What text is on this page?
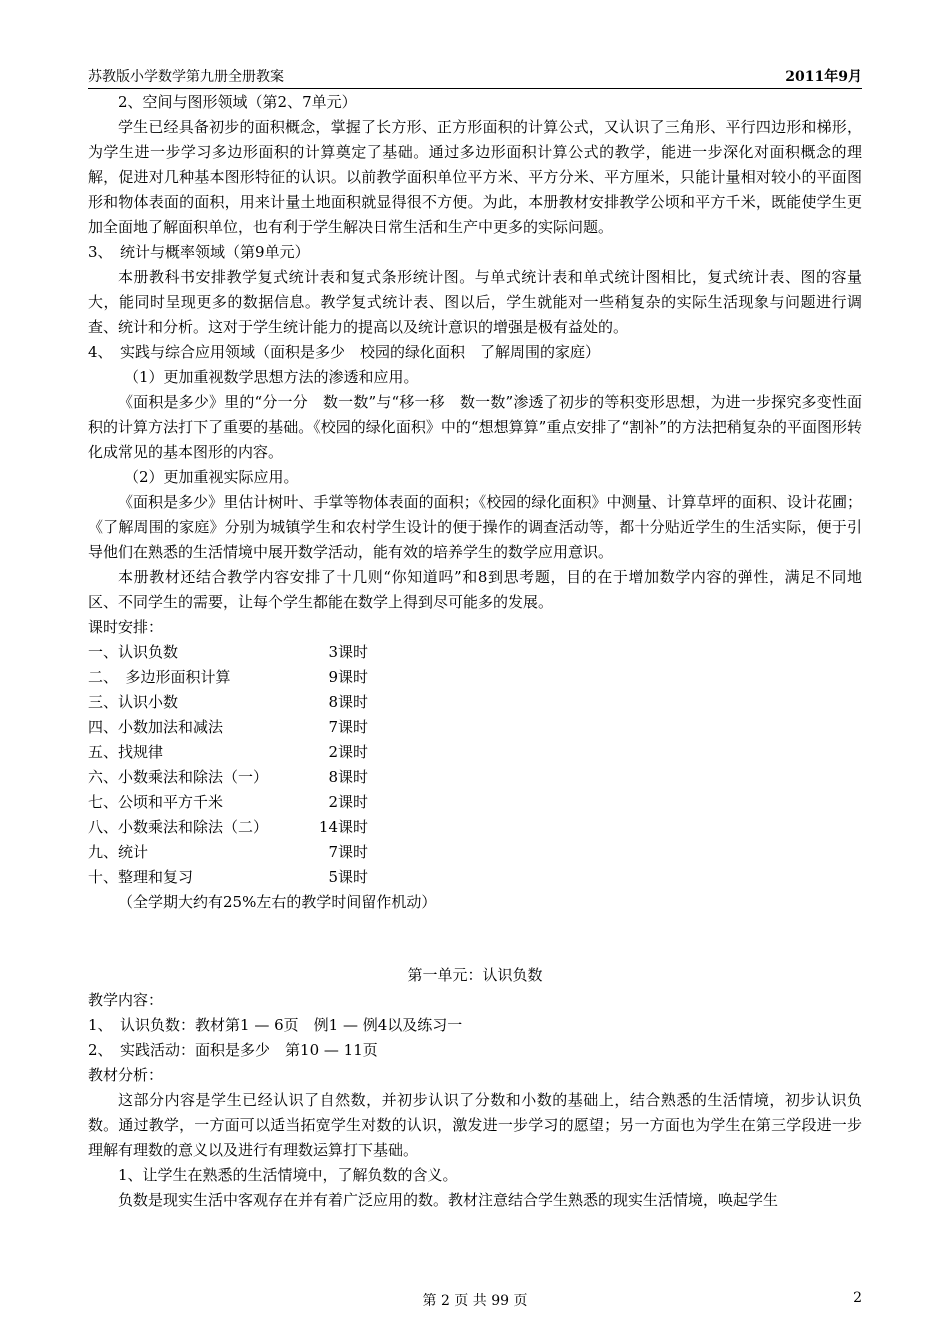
苏教版小学数学第九册全册教案	2011年9月
2、空间与图形领域（第2、7单元）

学生已经具备初步的面积概念，掌握了长方形、正方形面积的计算公式，又认识了三角形、平行四边形和梯形，为学生进一步学习多边形面积的计算奠定了基础。通过多边形面积计算公式的教学，能进一步深化对面积概念的理解，促进对几种基本图形特征的认识。以前教学面积单位平方米、平方分米、平方厘米，只能计量相对较小的平面图形和物体表面的面积，用来计量土地面积就显得很不方便。为此，本册教材安排教学公顷和平方千米，既能使学生更加全面地了解面积单位，也有利于学生解决日常生活和生产中更多的实际问题。

3、　统计与概率领域（第9单元）

本册教科书安排教学复式统计表和复式条形统计图。与单式统计表和单式统计图相比，复式统计表、图的容量大，能同时呈现更多的数据信息。教学复式统计表、图以后，学生就能对一些稍复杂的实际生活现象与问题进行调查、统计和分析。这对于学生统计能力的提高以及统计意识的增强是极有益处的。

4、　实践与综合应用领域（面积是多少　校园的绿化面积　了解周围的家庭）
（1）更加重视数学思想方法的渗透和应用。

《面积是多少》里的“分一分　数一数”与“移一移　数一数”渗透了初步的等积变形思想，为进一步探究多变性面积的计算方法打下了重要的基础。《校园的绿化面积》中的“想想算算”重点安排了“割补”的方法把稍复杂的平面图形转化成常见的基本图形的内容。

（2）更加重视实际应用。

《面积是多少》里估计树叶、手掌等物体表面的面积；《校园的绿化面积》中测量、计算草坪的面积、设计花圃；《了解周围的家庭》分别为城镇学生和农村学生设计的便于操作的调查活动等，都十分贴近学生的生活实际，便于引导他们在熟悉的生活情境中展开数学活动，能有效的培养学生的数学应用意识。

本册教材还结合教学内容安排了十几则“你知道吗”和8到思考题，目的在于增加数学内容的弹性，满足不同地区、不同学生的需要，让每个学生都能在数学上得到尽可能多的发展。

课时安排：
一、认识负数	3课时
二、　多边形面积计算	9课时
三、认识小数	8课时
四、小数加法和减法	7课时
五、找规律	2课时
六、小数乘法和除法（一）	8课时
七、公顷和平方千米	2课时
八、小数乘法和除法（二）	14课时
九、统计	7课时
十、整理和复习	5课时
（全学期大约有25%左右的教学时间留作机动）
第一单元：认识负数
教学内容：
1、　认识负数：教材第1 — 6页　例1 — 例4以及练习一
2、　实践活动：面积是多少　第10 — 11页
教材分析：

这部分内容是学生已经认识了自然数，并初步认识了分数和小数的基础上，结合熟悉的生活情境，初步认识负数。通过教学，一方面可以适当拓宽学生对数的认识，激发进一步学习的愿望；另一方面也为学生在第三学段进一步理解有理数的意义以及进行有理数运算打下基础。

1、让学生在熟悉的生活情境中，了解负数的含义。

负数是现实生活中客观存在并有着广泛应用的数。教材注意结合学生熟悉的现实生活情境，唤起学生

第 2 页 共 99 页	2
